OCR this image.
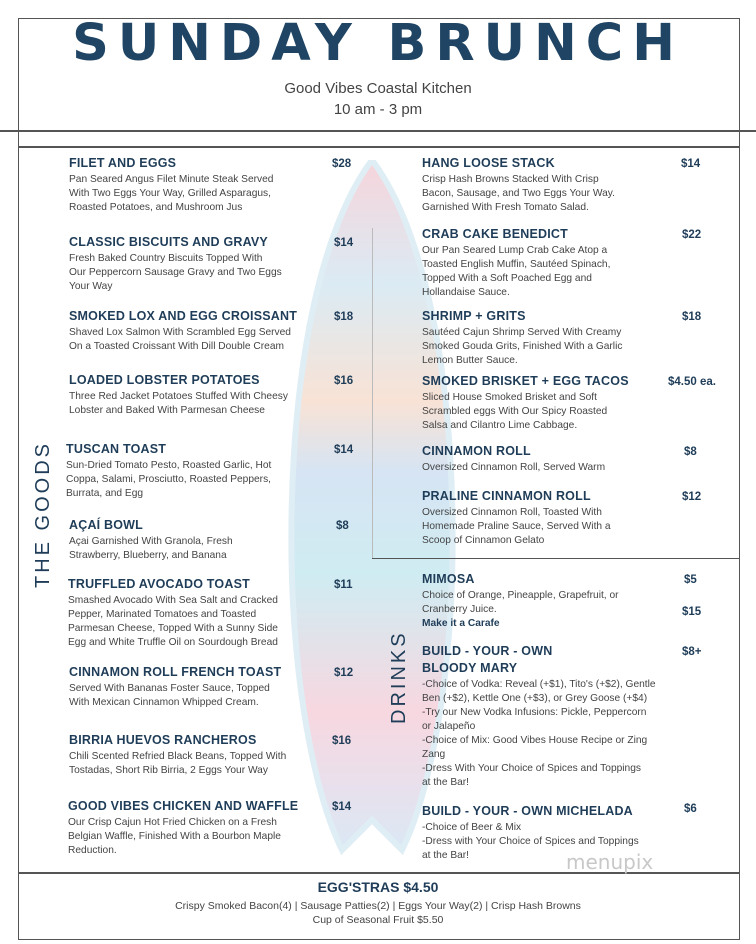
SUNDAY BRUNCH
Good Vibes Coastal Kitchen
10 am - 3 pm
THE GOODS
DRINKS
FILET AND EGGS
Pan Seared Angus Filet Minute Steak Served
With Two Eggs Your Way, Grilled Asparagus,
Roasted Potatoes, and Mushroom Jus
$28
CLASSIC BISCUITS AND GRAVY
Fresh Baked Country Biscuits Topped With
Our Peppercorn Sausage Gravy and Two Eggs
Your Way
$14
SMOKED LOX AND EGG CROISSANT
Shaved Lox Salmon With Scrambled Egg Served
On a Toasted Croissant With Dill Double Cream
$18
LOADED LOBSTER POTATOES
Three Red Jacket Potatoes Stuffed With Cheesy
Lobster and Baked With Parmesan Cheese
$16
TUSCAN TOAST
Sun-Dried Tomato Pesto, Roasted Garlic, Hot
Coppa, Salami, Prosciutto, Roasted Peppers,
Burrata, and Egg
$14
AÇAÍ BOWL
Açai Garnished With Granola, Fresh
Strawberry, Blueberry, and Banana
$8
TRUFFLED AVOCADO TOAST
Smashed Avocado With Sea Salt and Cracked
Pepper, Marinated Tomatoes and Toasted
Parmesan Cheese, Topped With a Sunny Side
Egg and White Truffle Oil on Sourdough Bread
$11
CINNAMON ROLL FRENCH TOAST
Served With Bananas Foster Sauce, Topped
With Mexican Cinnamon Whipped Cream.
$12
BIRRIA HUEVOS RANCHEROS
Chili Scented Refried Black Beans, Topped With
Tostadas, Short Rib Birria, 2 Eggs Your Way
$16
GOOD VIBES CHICKEN AND WAFFLE
Our Crisp Cajun Hot Fried Chicken on a Fresh
Belgian Waffle, Finished With a Bourbon Maple
Reduction.
$14
HANG LOOSE STACK
Crisp Hash Browns Stacked With Crisp
Bacon, Sausage, and Two Eggs Your Way.
Garnished With Fresh Tomato Salad.
$14
CRAB CAKE BENEDICT
Our Pan Seared Lump Crab Cake Atop a
Toasted English Muffin, Sautéed Spinach,
Topped With a Soft Poached Egg and
Hollandaise Sauce.
$22
SHRIMP + GRITS
Sautéed Cajun Shrimp Served With Creamy
Smoked Gouda Grits, Finished With a Garlic
Lemon Butter Sauce.
$18
SMOKED BRISKET + EGG TACOS
Sliced House Smoked Brisket and Soft
Scrambled eggs With Our Spicy Roasted
Salsa and Cilantro Lime Cabbage.
$4.50 ea.
CINNAMON ROLL
Oversized Cinnamon Roll, Served Warm
$8
PRALINE CINNAMON ROLL
Oversized Cinnamon Roll, Toasted With
Homemade Praline Sauce, Served With a
Scoop of Cinnamon Gelato
$12
MIMOSA
Choice of Orange, Pineapple, Grapefruit, or
Cranberry Juice.
Make it a Carafe
$5
$15
BUILD - YOUR - OWN
BLOODY MARY
-Choice of Vodka: Reveal (+$1), Tito's (+$2), Gentle
Ben (+$2), Kettle One (+$3), or Grey Goose (+$4)
-Try our New Vodka Infusions: Pickle, Peppercorn
or Jalapeño
-Choice of Mix: Good Vibes House Recipe or Zing
Zang
-Dress With Your Choice of Spices and Toppings
at the Bar!
$8+
BUILD - YOUR - OWN MICHELADA
-Choice of Beer & Mix
-Dress with Your Choice of Spices and Toppings
at the Bar!
$6
menupix
EGG'STRAS $4.50
Crispy Smoked Bacon(4) | Sausage Patties(2) | Eggs Your Way(2) | Crisp Hash Browns
Cup of Seasonal Fruit $5.50
